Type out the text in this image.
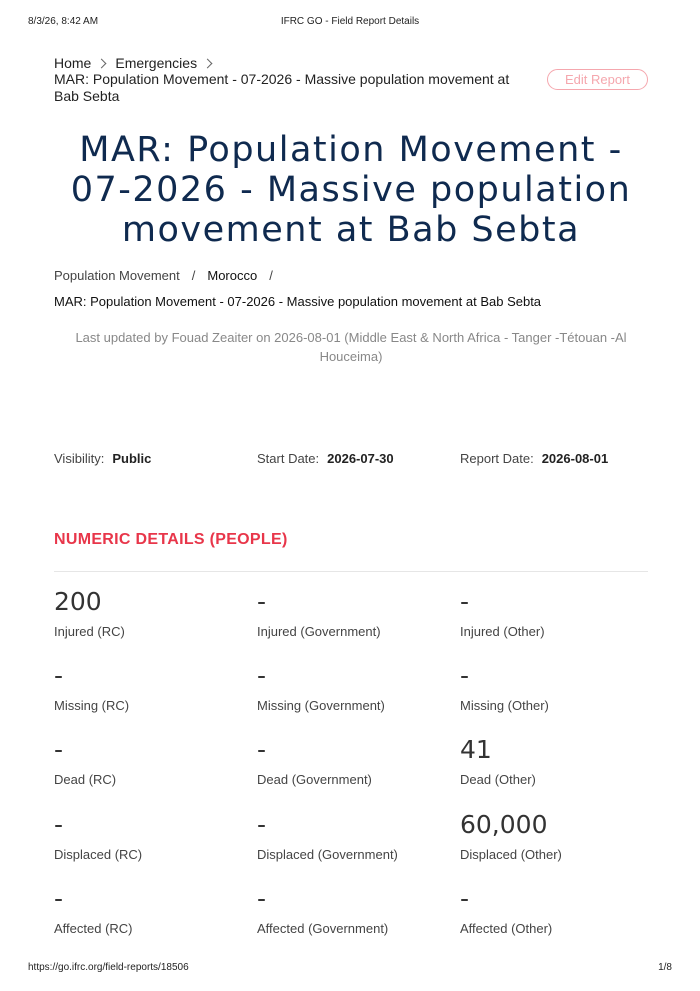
8/3/26, 8:42 AM	IFRC GO - Field Report Details
Home Emergencies
MAR: Population Movement - 07-2026 - Massive population movement at Bab Sebta
Edit Report
MAR: Population Movement - 07-2026 - Massive population movement at Bab Sebta
Population Movement / Morocco /
MAR: Population Movement - 07-2026 - Massive population movement at Bab Sebta

Last updated by Fouad Zeaiter on 2026-08-01 (Middle East & North Africa - Tanger -Tétouan -Al Houceima)

Visibility: Public	Start Date: 2026-07-30	Report Date: 2026-08-01
NUMERIC DETAILS (PEOPLE)
200
Injured (RC)
-
Injured (Government)
-
Injured (Other)
-
Missing (RC)
-
Missing (Government)
-
Missing (Other)
-
Dead (RC)
-
Dead (Government)
41
Dead (Other)
-
Displaced (RC)
-
Displaced (Government)
60,000
Displaced (Other)
-
Affected (RC)
-
Affected (Government)
-
Affected (Other)
https://go.ifrc.org/field-reports/18506	1/8
